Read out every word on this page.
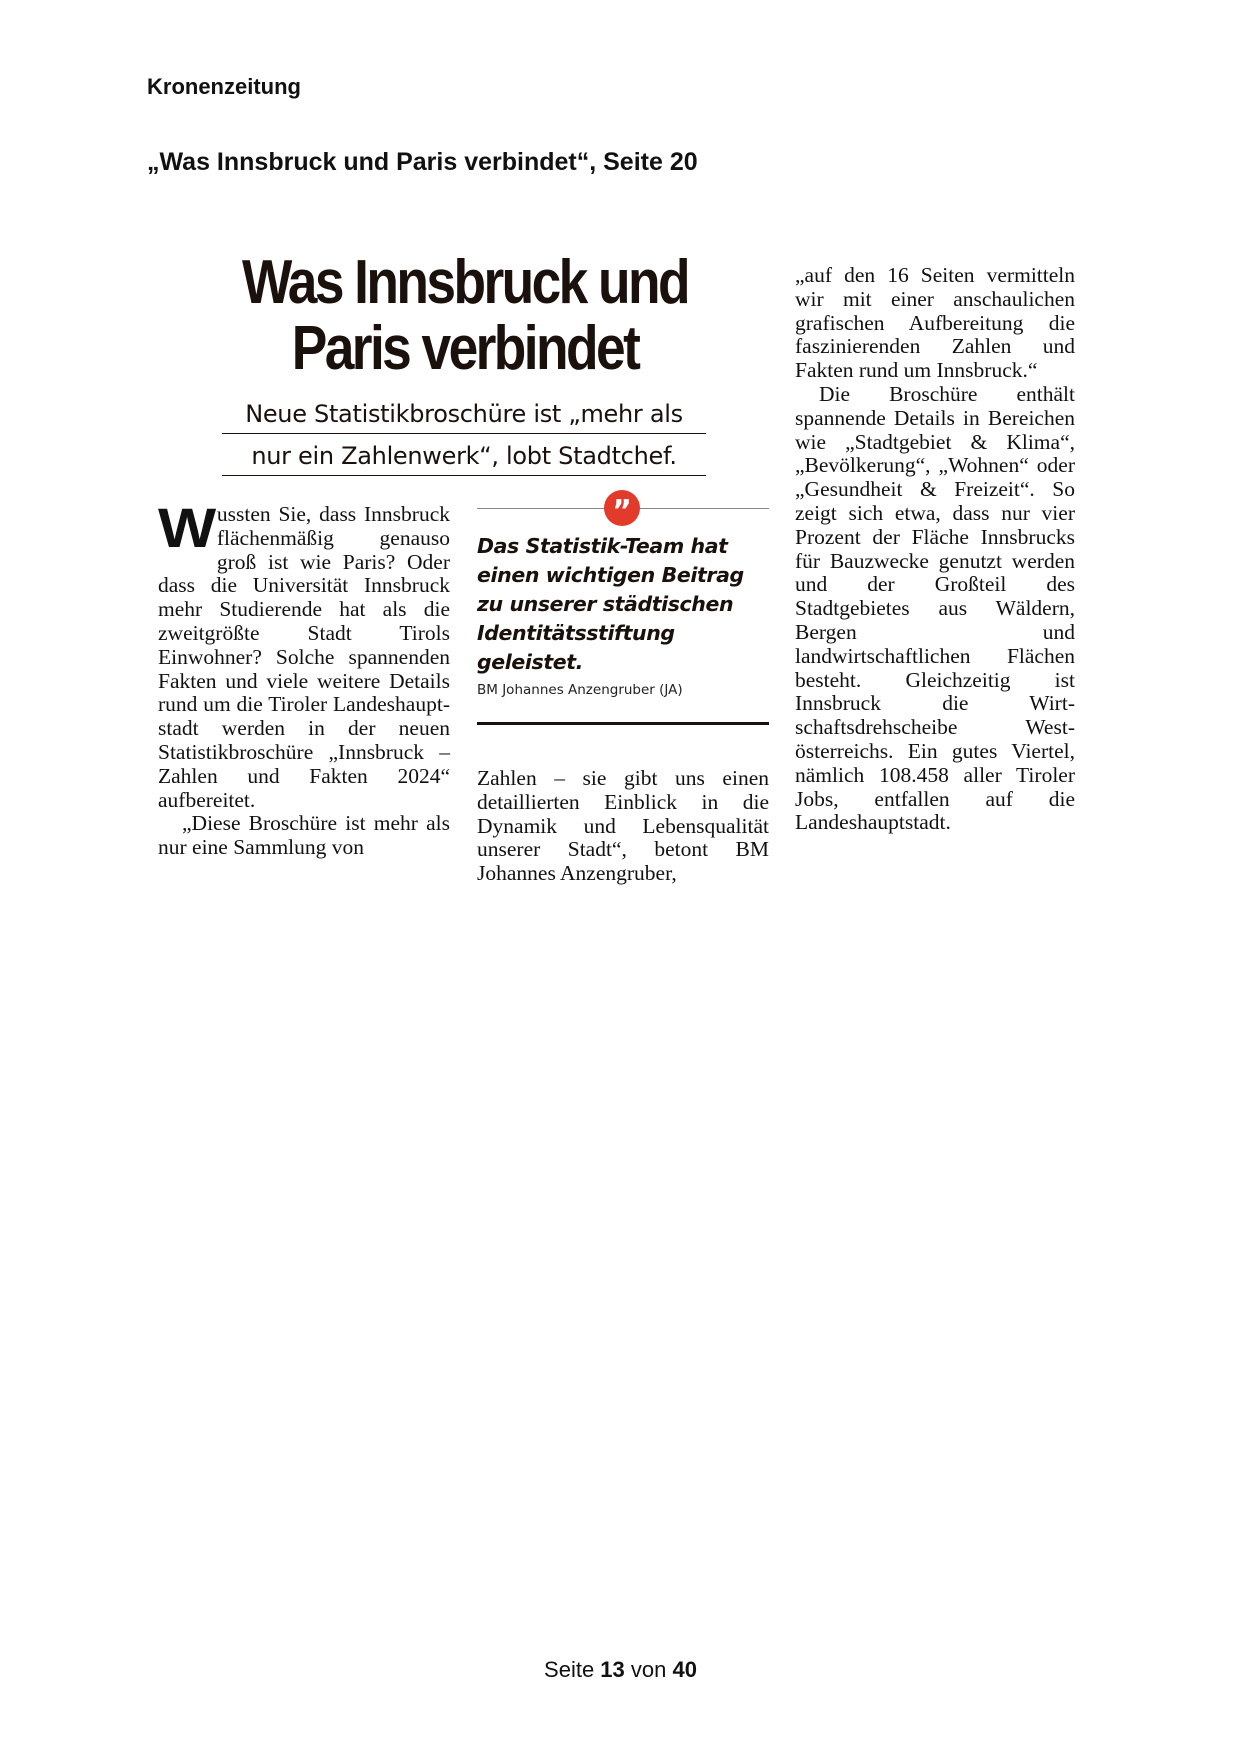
Kronenzeitung
„Was Innsbruck und Paris verbindet“, Seite 20
Was Innsbruck und
Paris verbindet
Neue Statistikbroschüre ist „mehr als
nur ein Zahlenwerk“, lobt Stadtchef.

Wussten Sie, dass Innsbruck flächenmäßig genauso groß ist wie Paris? Oder dass die Universität Innsbruck mehr Studierende hat als die zweitgrößte Stadt Tirols Einwohner? Solche spannenden Fakten und viele weitere Details rund um die Tiroler Landeshauptstadt werden in der neuen Statistikbroschüre „Innsbruck – Zahlen und Fakten 2024“ aufbereitet.

„Diese Broschüre ist mehr als nur eine Sammlung von

”
Das Statistik-Team hat einen wichtigen Beitrag zu unserer städtischen Identitätsstiftung geleistet.
BM Johannes Anzengruber (JA)

Zahlen – sie gibt uns einen detaillierten Einblick in die Dynamik und Lebensqualität unserer Stadt“, betont BM Johannes Anzengruber,

„auf den 16 Seiten vermitteln wir mit einer anschaulichen grafischen Aufbereitung die faszinierenden Zahlen und Fakten rund um Innsbruck.“

Die Broschüre enthält spannende Details in Bereichen wie „Stadtgebiet & Klima“, „Bevölkerung“, „Wohnen“ oder „Gesundheit & Freizeit“. So zeigt sich etwa, dass nur vier Prozent der Fläche Innsbrucks für Bauzwecke genutzt werden und der Großteil des Stadtgebietes aus Wäldern, Bergen und landwirtschaftlichen Flächen besteht. Gleichzeitig ist Innsbruck die Wirtschaftsdrehscheibe Westösterreichs. Ein gutes Viertel, nämlich 108.458 aller Tiroler Jobs, entfallen auf die Landeshauptstadt.

Seite 13 von 40
